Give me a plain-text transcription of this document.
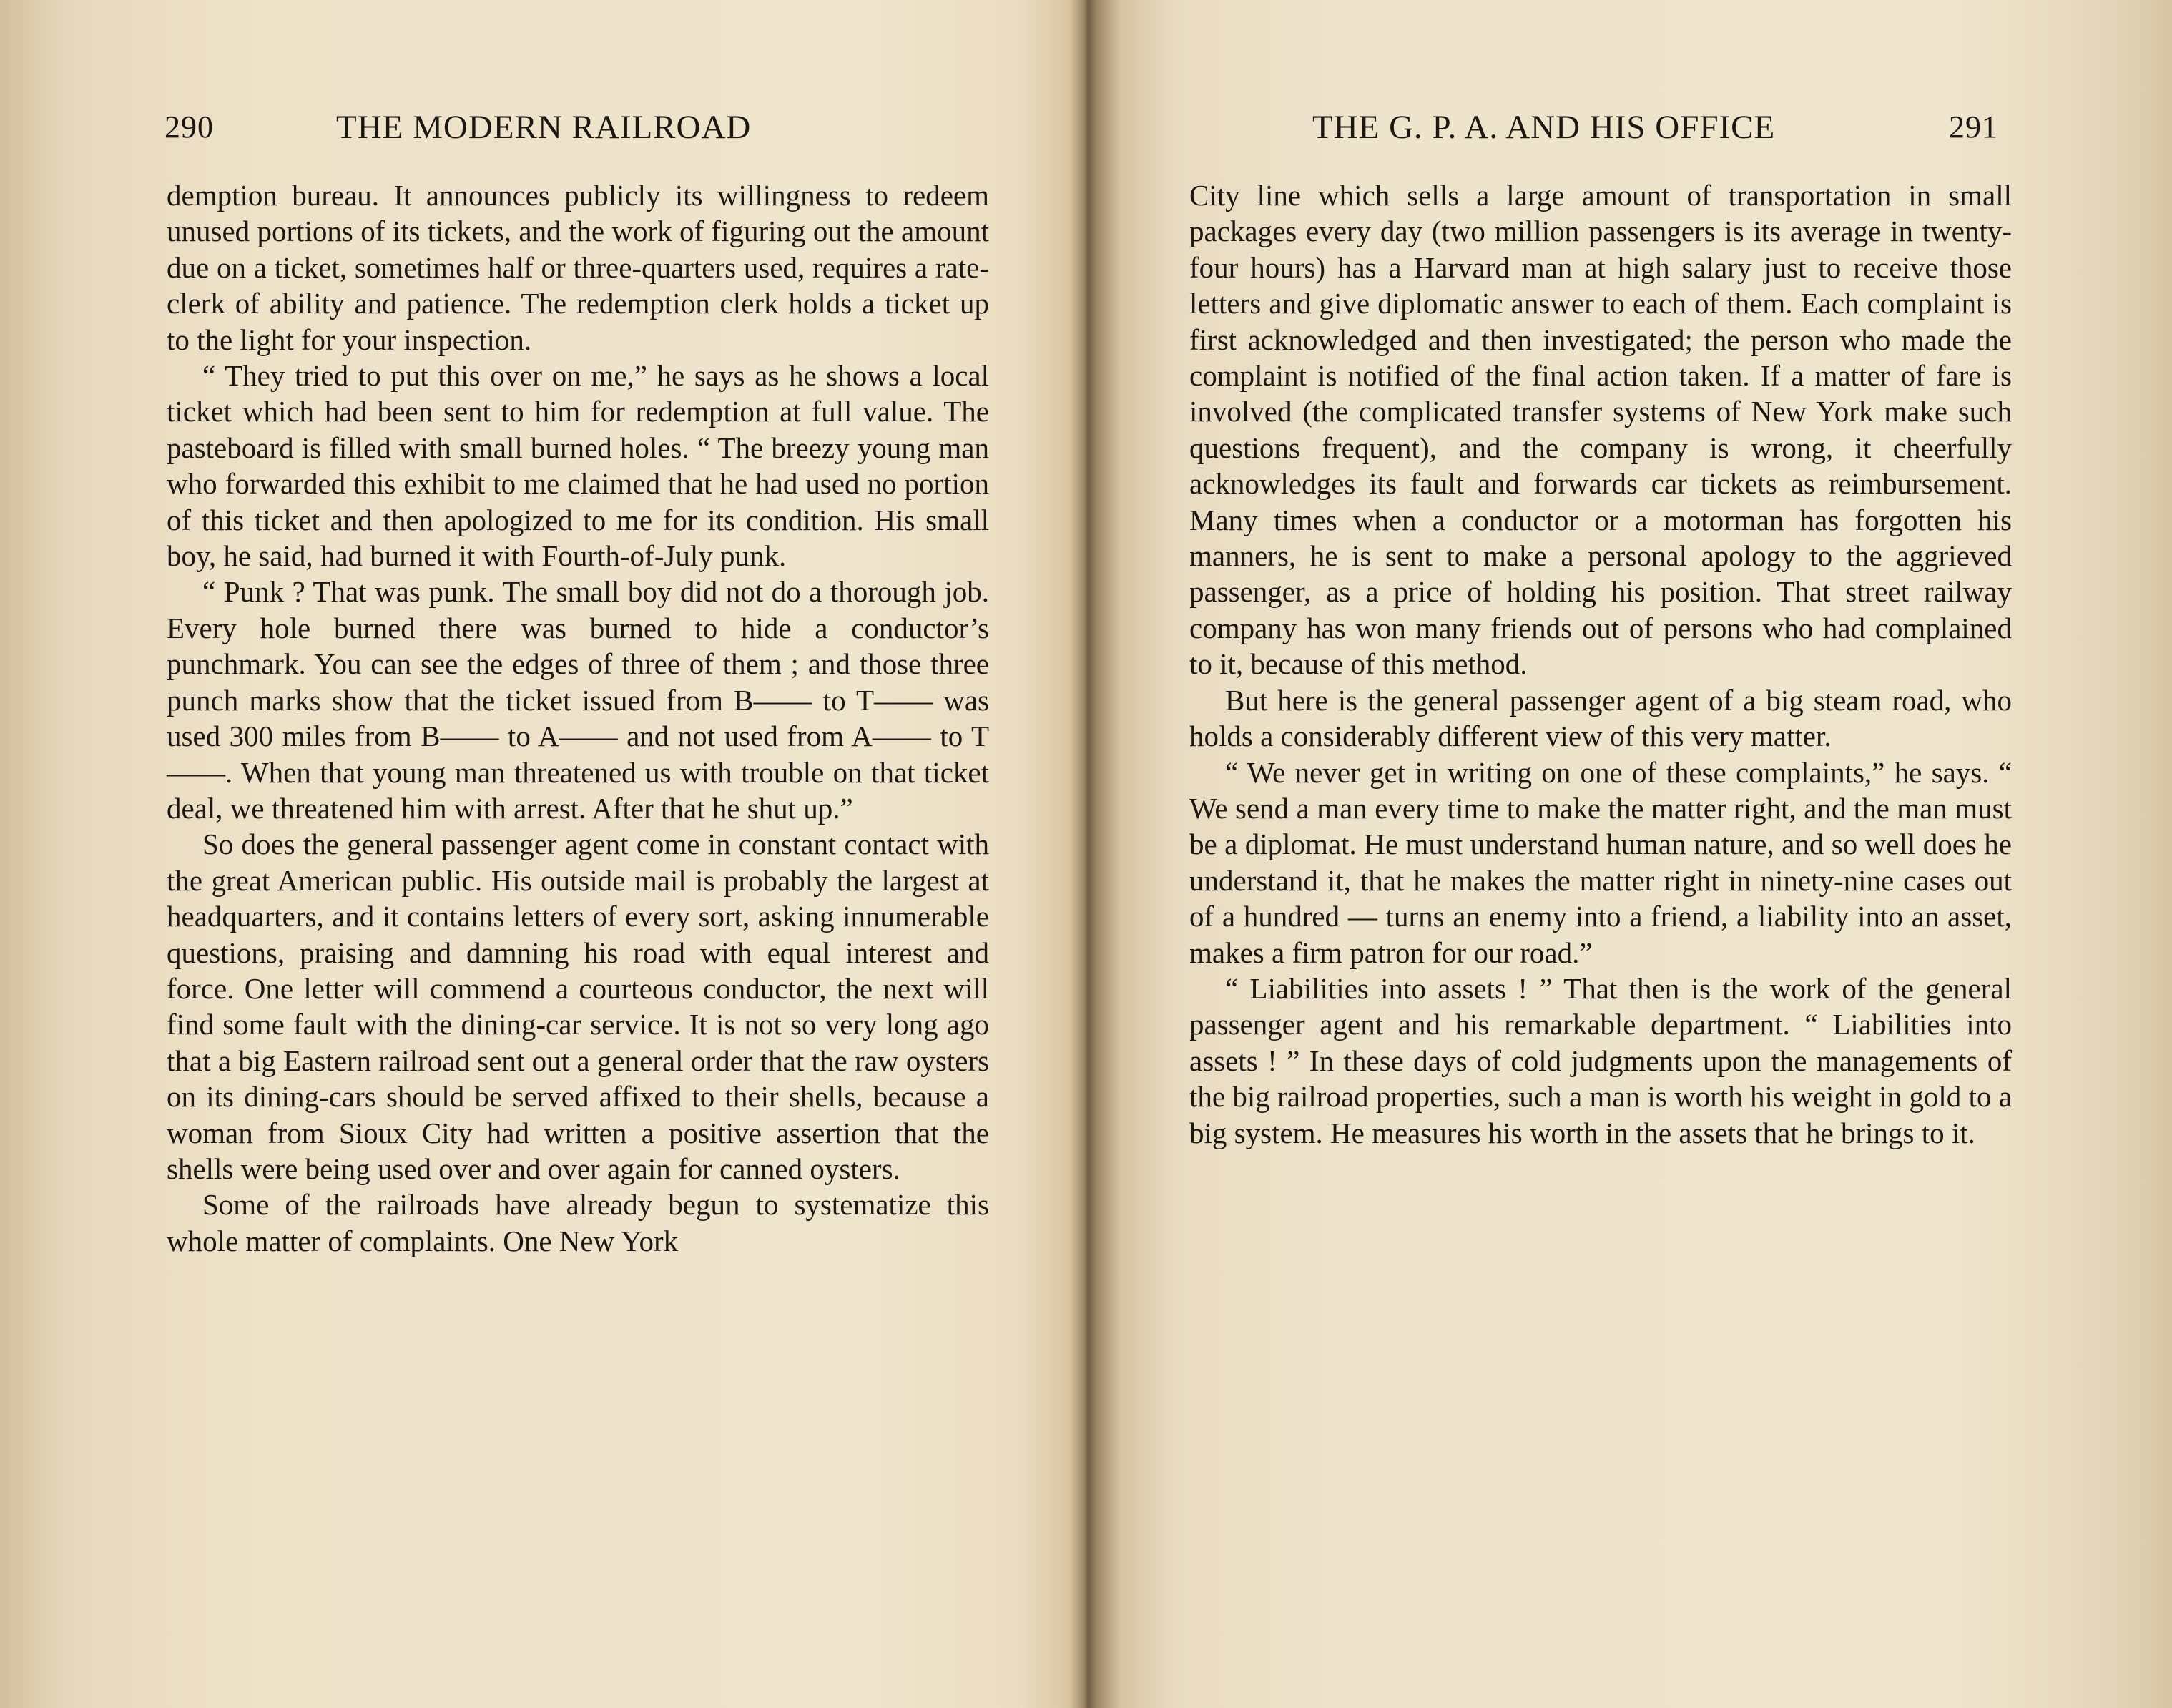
290	THE MODERN RAILROAD

demption bureau. It announces publicly its willingness to redeem unused portions of its tickets, and the work of figuring out the amount due on a ticket, sometimes half or three-quarters used, requires a rate-clerk of ability and patience. The redemption clerk holds a ticket up to the light for your inspection.

“ They tried to put this over on me,” he says as he shows a local ticket which had been sent to him for redemption at full value. The pasteboard is filled with small burned holes. “ The breezy young man who forwarded this exhibit to me claimed that he had used no portion of this ticket and then apologized to me for its condition. His small boy, he said, had burned it with Fourth-of-July punk.

“ Punk ? That was punk. The small boy did not do a thorough job. Every hole burned there was burned to hide a conductor’s punchmark. You can see the edges of three of them ; and those three punch marks show that the ticket issued from B—— to T—— was used 300 miles from B—— to A—— and not used from A—— to T——. When that young man threatened us with trouble on that ticket deal, we threatened him with arrest. After that he shut up.”

So does the general passenger agent come in constant contact with the great American public. His outside mail is probably the largest at headquarters, and it contains letters of every sort, asking innumerable questions, praising and damning his road with equal interest and force. One letter will commend a courteous conductor, the next will find some fault with the dining-car service. It is not so very long ago that a big Eastern railroad sent out a general order that the raw oysters on its dining-cars should be served affixed to their shells, because a woman from Sioux City had written a positive assertion that the shells were being used over and over again for canned oysters.

Some of the railroads have already begun to systematize this whole matter of complaints. One New York

THE G. P. A. AND HIS OFFICE	291

City line which sells a large amount of transportation in small packages every day (two million passengers is its average in twenty-four hours) has a Harvard man at high salary just to receive those letters and give diplomatic answer to each of them. Each complaint is first acknowledged and then investigated; the person who made the complaint is notified of the final action taken. If a matter of fare is involved (the complicated transfer systems of New York make such questions frequent), and the company is wrong, it cheerfully acknowledges its fault and forwards car tickets as reimbursement. Many times when a conductor or a motorman has forgotten his manners, he is sent to make a personal apology to the aggrieved passenger, as a price of holding his position. That street railway company has won many friends out of persons who had complained to it, because of this method.

But here is the general passenger agent of a big steam road, who holds a considerably different view of this very matter.

“ We never get in writing on one of these complaints,” he says. “ We send a man every time to make the matter right, and the man must be a diplomat. He must understand human nature, and so well does he understand it, that he makes the matter right in ninety-nine cases out of a hundred — turns an enemy into a friend, a liability into an asset, makes a firm patron for our road.”

“ Liabilities into assets ! ” That then is the work of the general passenger agent and his remarkable department. “ Liabilities into assets ! ” In these days of cold judgments upon the managements of the big railroad properties, such a man is worth his weight in gold to a big system. He measures his worth in the assets that he brings to it.
